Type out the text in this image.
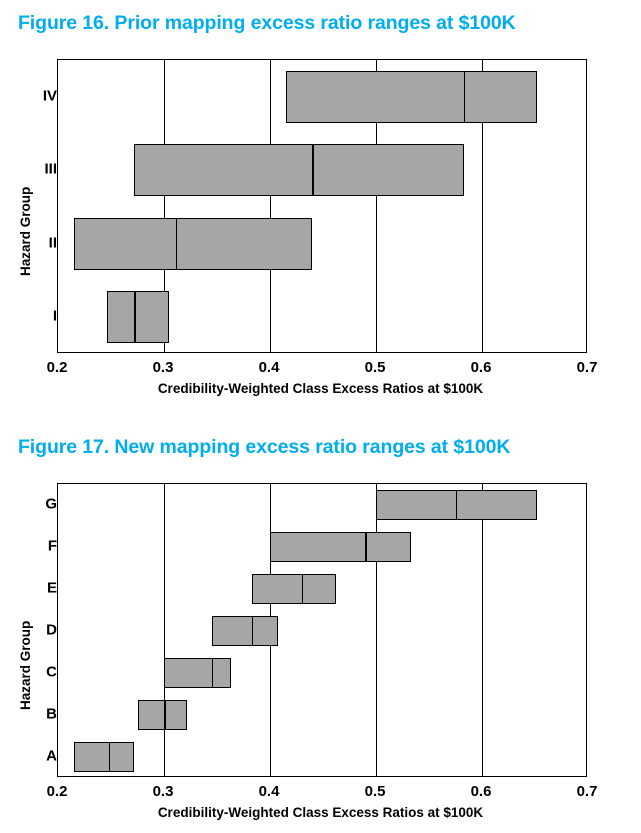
Figure 16. Prior mapping excess ratio ranges at $100K
Hazard Group
Credibility-Weighted Class Excess Ratios at $100K
0.2	0.3	0.4	0.5	0.6	0.7
IV
III
II
I
Figure 17. New mapping excess ratio ranges at $100K
Hazard Group
Credibility-Weighted Class Excess Ratios at $100K
0.2	0.3	0.4	0.5	0.6	0.7
G
F
E
D
C
B
A
